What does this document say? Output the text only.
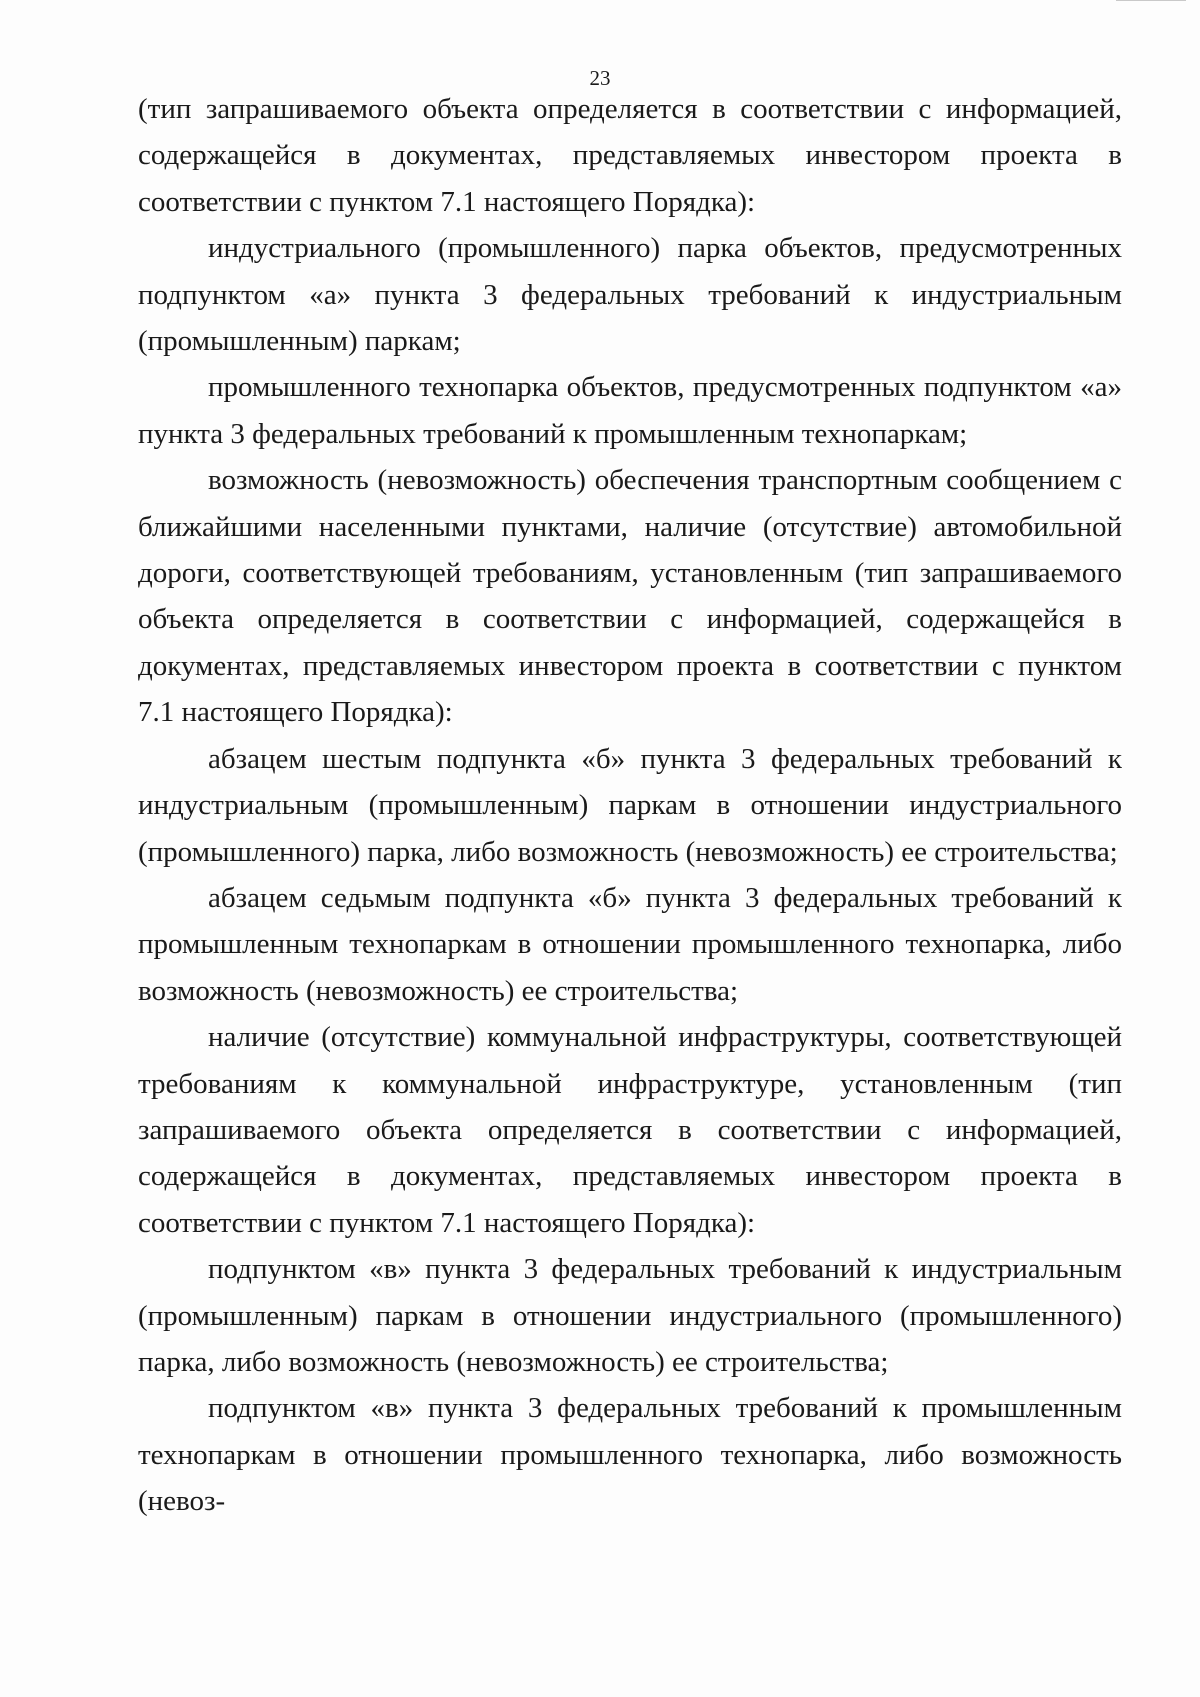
23

(тип запрашиваемого объекта определяется в соответствии с информацией, содержащейся в документах, представляемых инвестором проекта в соответствии с пунктом 7.1 настоящего Порядка):

индустриального (промышленного) парка объектов, предусмотренных подпунктом «а» пункта 3 федеральных требований к индустриальным (промышленным) паркам;

промышленного технопарка объектов, предусмотренных подпунктом «а» пункта 3 федеральных требований к промышленным технопаркам;

возможность (невозможность) обеспечения транспортным сообщением с ближайшими населенными пунктами, наличие (отсутствие) автомобильной дороги, соответствующей требованиям, установленным (тип запрашиваемого объекта определяется в соответствии с информацией, содержащейся в документах, представляемых инвестором проекта в соответствии с пунктом 7.1 настоящего Порядка):

абзацем шестым подпункта «б» пункта 3 федеральных требований к индустриальным (промышленным) паркам в отношении индустриального (промышленного) парка, либо возможность (невозможность) ее строительства;

абзацем седьмым подпункта «б» пункта 3 федеральных требований к промышленным технопаркам в отношении промышленного технопарка, либо возможность (невозможность) ее строительства;

наличие (отсутствие) коммунальной инфраструктуры, соответствующей требованиям к коммунальной инфраструктуре, установленным (тип запрашиваемого объекта определяется в соответствии с информацией, содержащейся в документах, представляемых инвестором проекта в соответствии с пунктом 7.1 настоящего Порядка):

подпунктом «в» пункта 3 федеральных требований к индустриальным (промышленным) паркам в отношении индустриального (промышленного) парка, либо возможность (невозможность) ее строительства;

подпунктом «в» пункта 3 федеральных требований к промышленным технопаркам в отношении промышленного технопарка, либо возможность (невоз-
